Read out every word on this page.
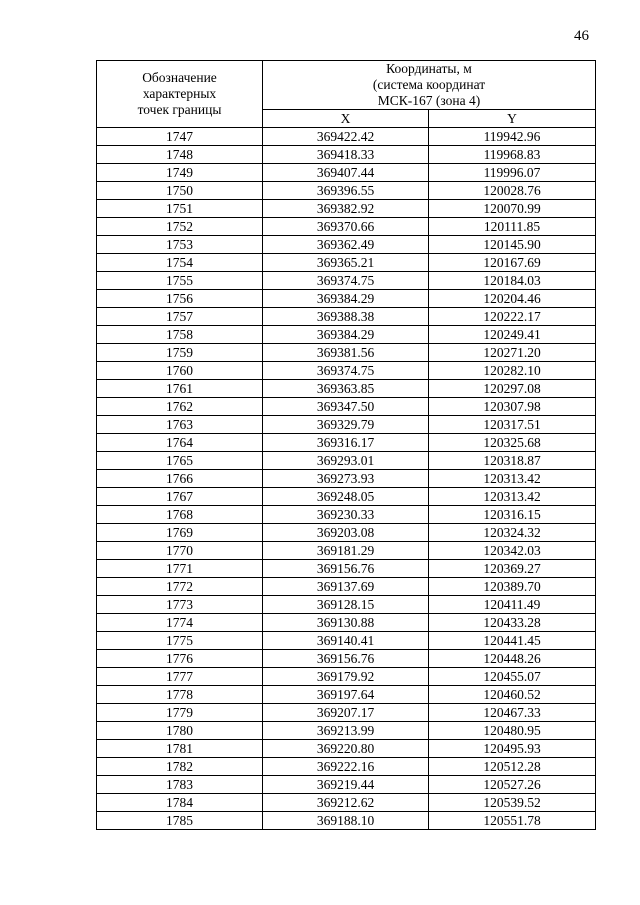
46
Обозначение
характерных
точек границы	Координаты, м
(система координат
МСК-167 (зона 4)	

	X	Y
1747	369422.42	119942.96
1748	369418.33	119968.83
1749	369407.44	119996.07
1750	369396.55	120028.76
1751	369382.92	120070.99
1752	369370.66	120111.85
1753	369362.49	120145.90
1754	369365.21	120167.69
1755	369374.75	120184.03
1756	369384.29	120204.46
1757	369388.38	120222.17
1758	369384.29	120249.41
1759	369381.56	120271.20
1760	369374.75	120282.10
1761	369363.85	120297.08
1762	369347.50	120307.98
1763	369329.79	120317.51
1764	369316.17	120325.68
1765	369293.01	120318.87
1766	369273.93	120313.42
1767	369248.05	120313.42
1768	369230.33	120316.15
1769	369203.08	120324.32
1770	369181.29	120342.03
1771	369156.76	120369.27
1772	369137.69	120389.70
1773	369128.15	120411.49
1774	369130.88	120433.28
1775	369140.41	120441.45
1776	369156.76	120448.26
1777	369179.92	120455.07
1778	369197.64	120460.52
1779	369207.17	120467.33
1780	369213.99	120480.95
1781	369220.80	120495.93
1782	369222.16	120512.28
1783	369219.44	120527.26
1784	369212.62	120539.52
1785	369188.10	120551.78
